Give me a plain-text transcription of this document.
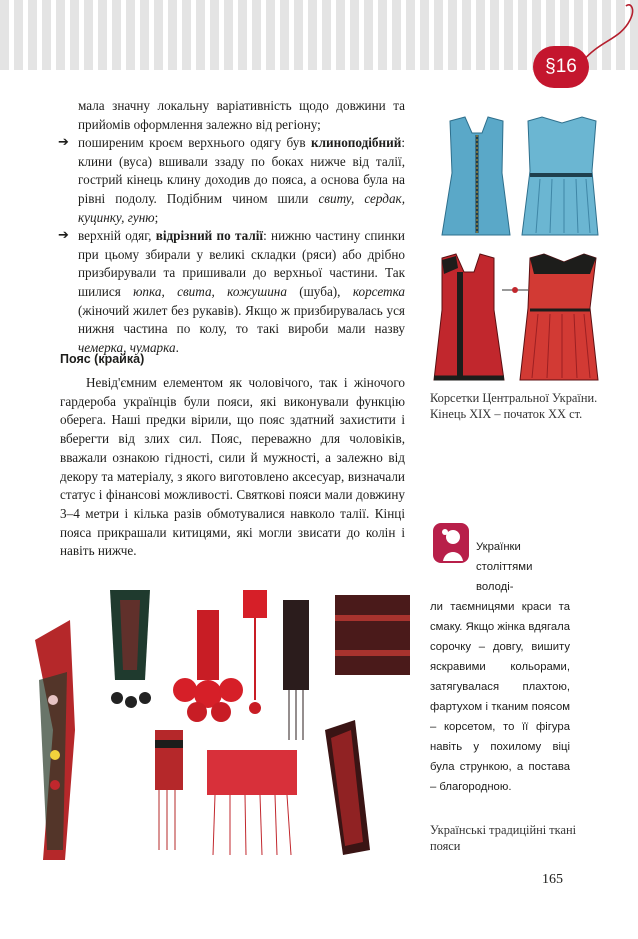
§16

мала значну локальну варіативність щодо довжини та прийомів оформлення залежно від регіону;

➔ поширеним кроєм верхнього одягу був клиноподібний: клини (вуса) вшивали ззаду по боках нижче від талії, гострий кінець клину доходив до пояса, а основа була на рівні подолу. Подібним чином шили свиту, сердак, куцинку, гуню;

➔ верхній одяг, відрізний по талії: нижню частину спинки при цьому збирали у великі складки (ряси) або дрібно призбирували та пришивали до верхньої частини. Так шилися юпка, свита, кожушина (шуба), корсетка (жіночий жилет без рукавів). Якщо ж призбирувалась уся нижня частина по колу, то такі вироби мали назву чемерка, чумарка.

Пояс (крайка)

Невід'ємним елементом як чоловічого, так і жіночого гардероба українців були пояси, які виконували функцію оберега. Наші предки вірили, що пояс здатний захистити і вберегти від злих сил. Пояс, переважно для чоловіків, вважали ознакою гідності, сили й мужності, а залежно від декору та матеріалу, з якого виготовлено аксесуар, визначали статус і фінансові можливості. Святкові пояси мали довжину 3–4 метри і кілька разів обмотувалися навколо талії. Кінці пояса прикрашали китицями, які могли звисати до колін і навіть нижче.

Корсетки Центральної України. Кінець XIX – початок XX ст.
Українки століттями володі-
ли таємницями краси та смаку. Якщо жінка вдягала сорочку – довгу, вишиту яскравими кольорами, затягувалася плахтою, фартухом і тканим поясом – корсетом, то її фігура навіть у похилому віці була стрункою, а постава – благородною.
Українські традиційні ткані пояси
165
